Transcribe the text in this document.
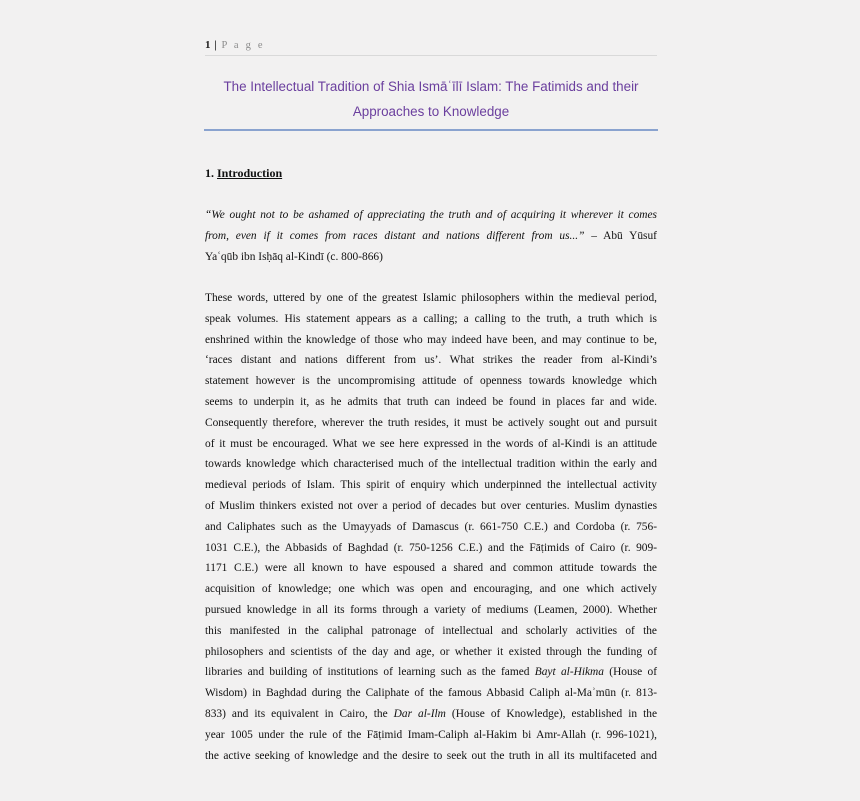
1 | P a g e
The Intellectual Tradition of Shia Ismāʿīlī Islam: The Fatimids and their
Approaches to Knowledge
1. Introduction
“We ought not to be ashamed of appreciating the truth and of acquiring it wherever it comes
from, even if it comes from races distant and nations different from us...” – Abū Yūsuf
Yaʿqūb ibn Isḥāq al-Kindī (c. 800-866)
These words, uttered by one of the greatest Islamic philosophers within the medieval period,
speak volumes. His statement appears as a calling; a calling to the truth, a truth which is
enshrined within the knowledge of those who may indeed have been, and may continue to be,
‘races distant and nations different from us’. What strikes the reader from al-Kindi’s
statement however is the uncompromising attitude of openness towards knowledge which
seems to underpin it, as he admits that truth can indeed be found in places far and wide.
Consequently therefore, wherever the truth resides, it must be actively sought out and pursuit
of it must be encouraged. What we see here expressed in the words of al-Kindi is an attitude
towards knowledge which characterised much of the intellectual tradition within the early and
medieval periods of Islam. This spirit of enquiry which underpinned the intellectual activity
of Muslim thinkers existed not over a period of decades but over centuries. Muslim dynasties
and Caliphates such as the Umayyads of Damascus (r. 661-750 C.E.) and Cordoba (r. 756-
1031 C.E.), the Abbasids of Baghdad (r. 750-1256 C.E.) and the Fāṭimids of Cairo (r. 909-
1171 C.E.) were all known to have espoused a shared and common attitude towards the
acquisition of knowledge; one which was open and encouraging, and one which actively
pursued knowledge in all its forms through a variety of mediums (Leamen, 2000). Whether
this manifested in the caliphal patronage of intellectual and scholarly activities of the
philosophers and scientists of the day and age, or whether it existed through the funding of
libraries and building of institutions of learning such as the famed Bayt al-Hikma (House of
Wisdom) in Baghdad during the Caliphate of the famous Abbasid Caliph al-Maʾmūn (r. 813-
833) and its equivalent in Cairo, the Dar al-Ilm (House of Knowledge), established in the
year 1005 under the rule of the Fāṭimid Imam-Caliph al-Hakim bi Amr-Allah (r. 996-1021),
the active seeking of knowledge and the desire to seek out the truth in all its multifaceted and
